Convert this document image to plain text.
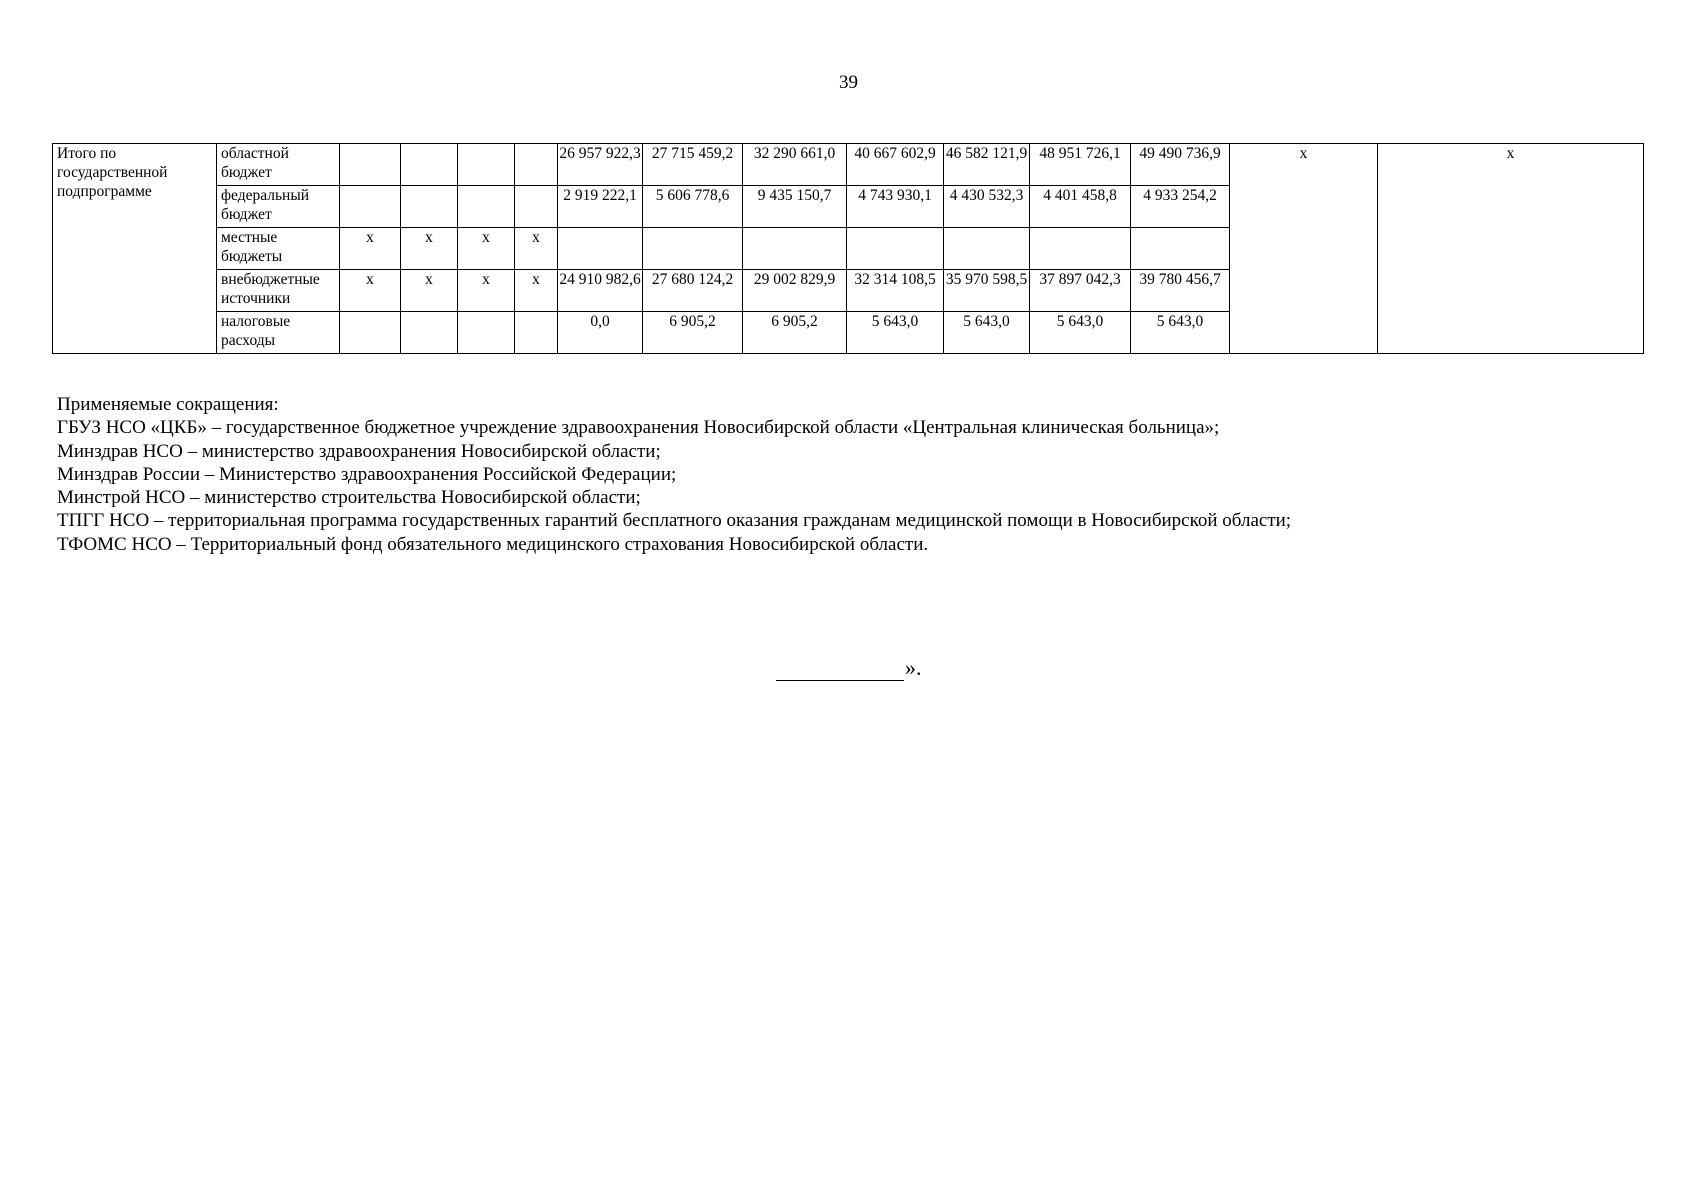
39
Итого по государственной подпрограмме	областной бюджет					26 957 922,3	27 715 459,2	32 290 661,0	40 667 602,9	46 582 121,9	48 951 726,1	49 490 736,9	х	х
	федеральный бюджет					2 919 222,1	5 606 778,6	9 435 150,7	4 743 930,1	4 430 532,3	4 401 458,8	4 933 254,2		
	местные бюджеты	х	х	х	х									
	внебюджетные источники	х	х	х	х	24 910 982,6	27 680 124,2	29 002 829,9	32 314 108,5	35 970 598,5	37 897 042,3	39 780 456,7		
	налоговые расходы					0,0	6 905,2	6 905,2	5 643,0	5 643,0	5 643,0	5 643,0		
Применяемые сокращения:
ГБУЗ НСО «ЦКБ» – государственное бюджетное учреждение здравоохранения Новосибирской области «Центральная клиническая больница»;
Минздрав НСО – министерство здравоохранения Новосибирской области;
Минздрав России – Министерство здравоохранения Российской Федерации;
Минстрой НСО – министерство строительства Новосибирской области;
ТПГГ НСО – территориальная программа государственных гарантий бесплатного оказания гражданам медицинской помощи в Новосибирской области;
ТФОМС НСО – Территориальный фонд обязательного медицинского страхования Новосибирской области.
».
